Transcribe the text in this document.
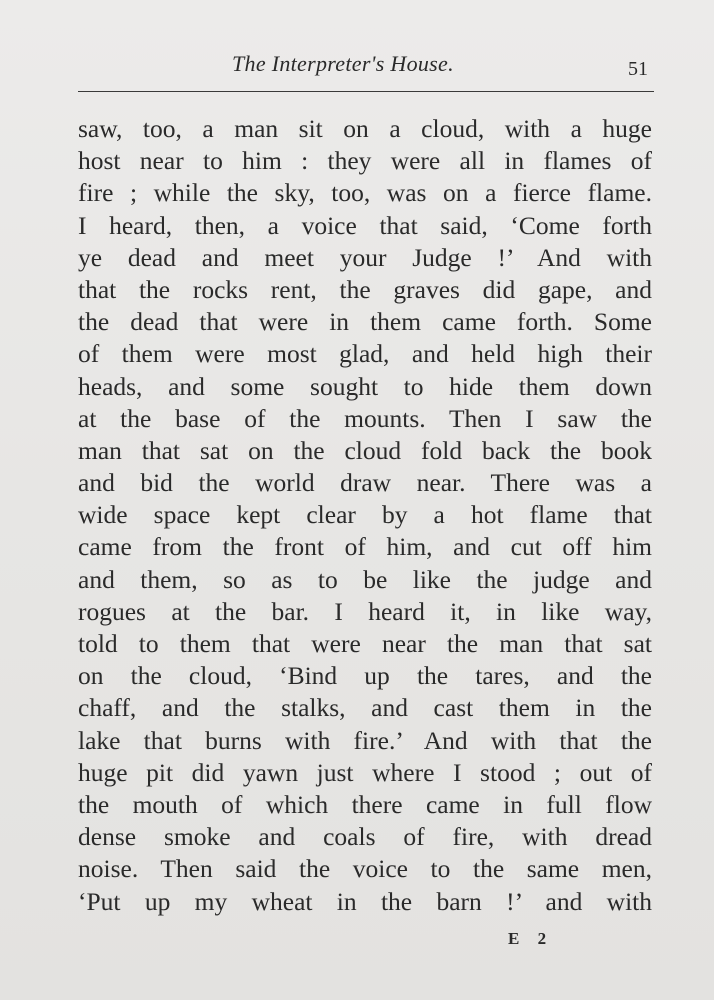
The Interpreter's House.	51
saw, too, a man sit on a cloud, with a huge
host near to him : they were all in flames of
fire ; while the sky, too, was on a fierce flame.
I heard, then, a voice that said, ‘Come forth
ye dead and meet your Judge !’ And with
that the rocks rent, the graves did gape, and
the dead that were in them came forth. Some
of them were most glad, and held high their
heads, and some sought to hide them down
at the base of the mounts. Then I saw the
man that sat on the cloud fold back the book
and bid the world draw near. There was a
wide space kept clear by a hot flame that
came from the front of him, and cut off him
and them, so as to be like the judge and
rogues at the bar. I heard it, in like way,
told to them that were near the man that sat
on the cloud, ‘Bind up the tares, and the
chaff, and the stalks, and cast them in the
lake that burns with fire.’ And with that the
huge pit did yawn just where I stood ; out of
the mouth of which there came in full flow
dense smoke and coals of fire, with dread
noise. Then said the voice to the same men,
‘Put up my wheat in the barn !’ and with
E 2
